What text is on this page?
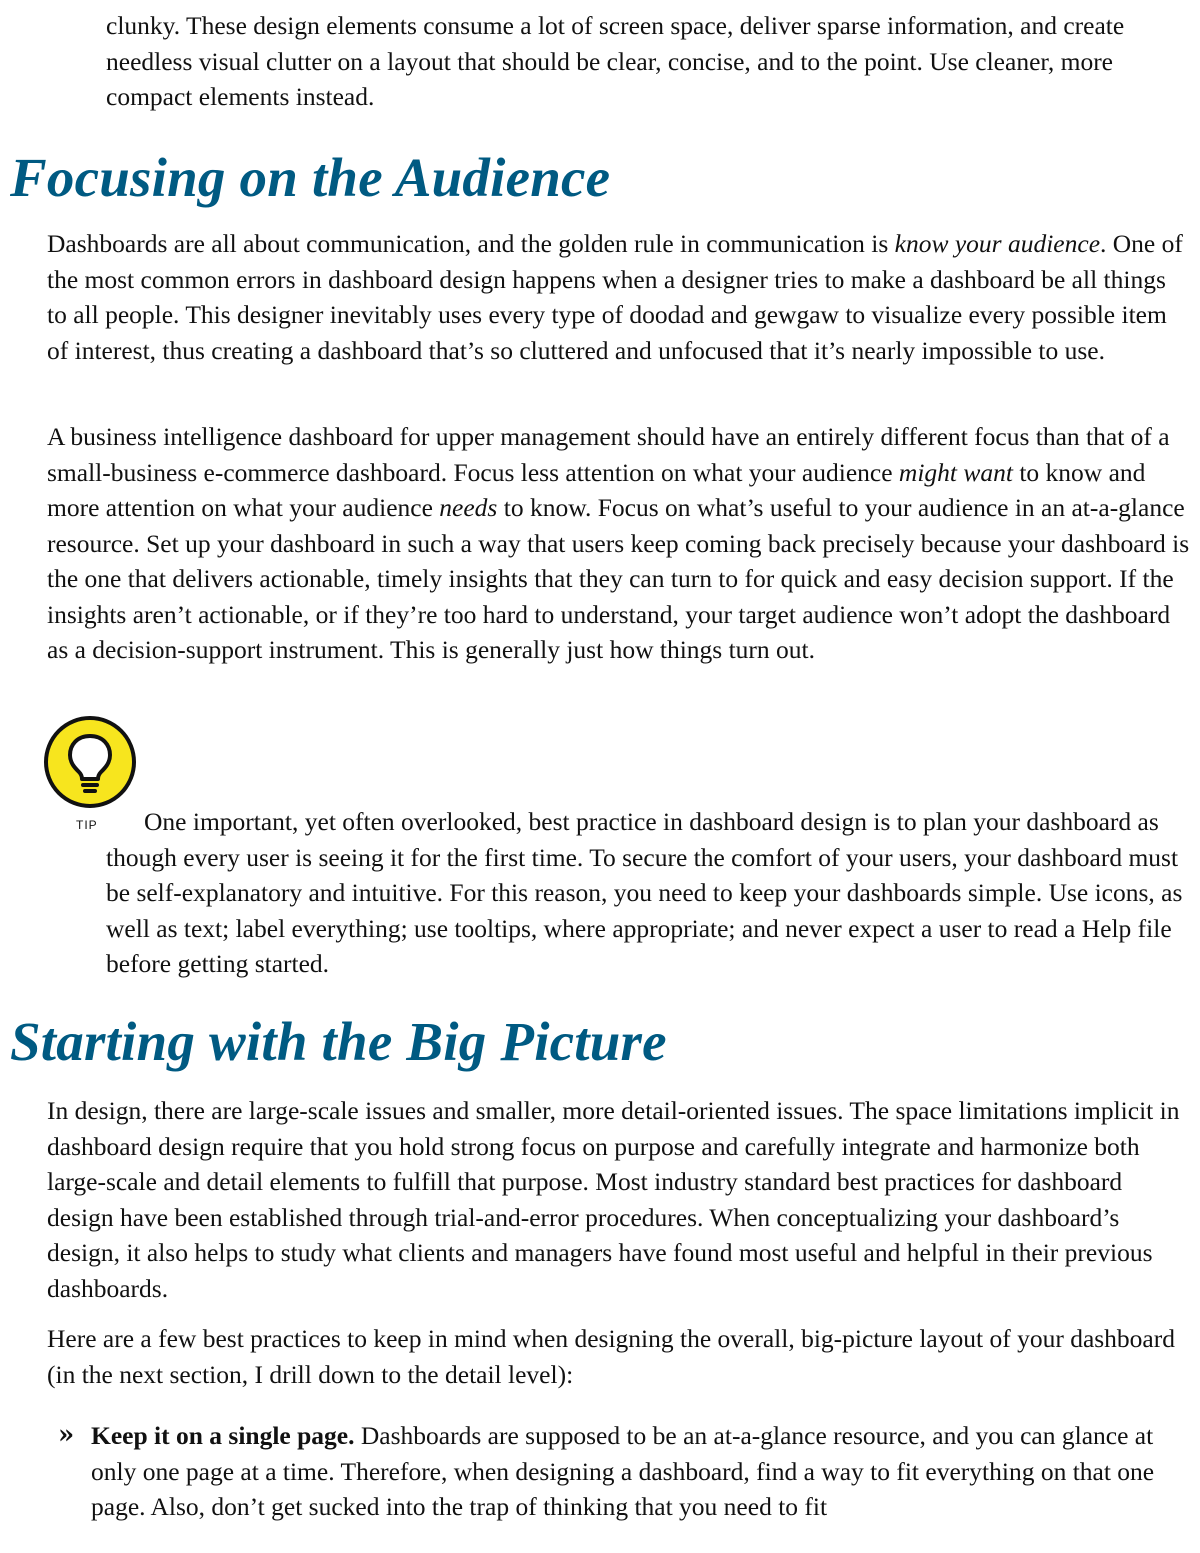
clunky. These design elements consume a lot of screen space, deliver sparse information, and create needless visual clutter on a layout that should be clear, concise, and to the point. Use cleaner, more compact elements instead.

Focusing on the Audience

Dashboards are all about communication, and the golden rule in communication is know your audience. One of the most common errors in dashboard design happens when a designer tries to make a dashboard be all things to all people. This designer inevitably uses every type of doodad and gewgaw to visualize every possible item of interest, thus creating a dashboard that’s so cluttered and unfocused that it’s nearly impossible to use.

A business intelligence dashboard for upper management should have an entirely different focus than that of a small-business e-commerce dashboard. Focus less attention on what your audience might want to know and more attention on what your audience needs to know. Focus on what’s useful to your audience in an at-a-glance resource. Set up your dashboard in such a way that users keep coming back precisely because your dashboard is the one that delivers actionable, timely insights that they can turn to for quick and easy decision support. If the insights aren’t actionable, or if they’re too hard to understand, your target audience won’t adopt the dashboard as a decision-support instrument. This is generally just how things turn out.

TIP	One important, yet often overlooked, best practice in dashboard design is to plan your dashboard as though every user is seeing it for the first time. To secure the comfort of your users, your dashboard must be self-explanatory and intuitive. For this reason, you need to keep your dashboards simple. Use icons, as well as text; label everything; use tooltips, where appropriate; and never expect a user to read a Help file before getting started.

Starting with the Big Picture

In design, there are large-scale issues and smaller, more detail-oriented issues. The space limitations implicit in dashboard design require that you hold strong focus on purpose and carefully integrate and harmonize both large-scale and detail elements to fulfill that purpose. Most industry standard best practices for dashboard design have been established through trial-and-error procedures. When conceptualizing your dashboard’s design, it also helps to study what clients and managers have found most useful and helpful in their previous dashboards.

Here are a few best practices to keep in mind when designing the overall, big-picture layout of your dashboard (in the next section, I drill down to the detail level):

» Keep it on a single page. Dashboards are supposed to be an at-a-glance resource, and you can glance at only one page at a time. Therefore, when designing a dashboard, find a way to fit everything on that one page. Also, don’t get sucked into the trap of thinking that you need to fit
